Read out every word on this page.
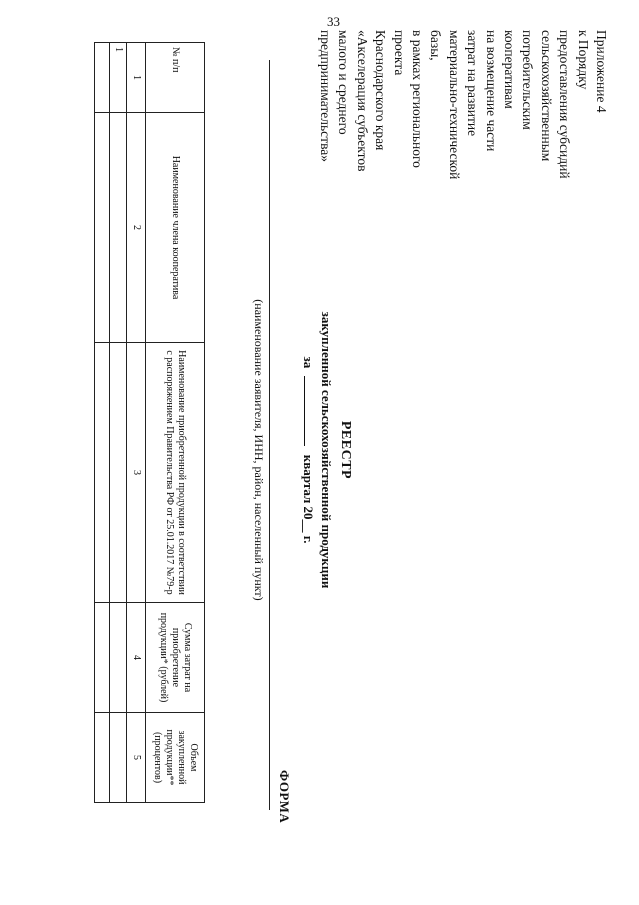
33
Приложение 4
к Порядку
предоставления субсидий
сельскохозяйственным
потребительским
кооперативам
на возмещение части
затрат на развитие
материально-технической
базы,
в рамках регионального
проекта
Краснодарского края
«Акселерация субъектов
малого и среднего
предпринимательства»
РЕЕСТР
закупленной сельскохозяйственной продукции
за  квартал 20__ г.
(наименование заявителя, ИНН, район, населенный пункт)
ФОРМА
№ п/п	Наименование члена кооператива	Наименование приобретенной продукции в соответствии с распоряжением Правительства РФ от 25.01.2017 №79-р	Сумма затрат на приобретение продукции* (рублей)	Объем закупленной продукции** (процентов)
1	2	3	4	5
1				
